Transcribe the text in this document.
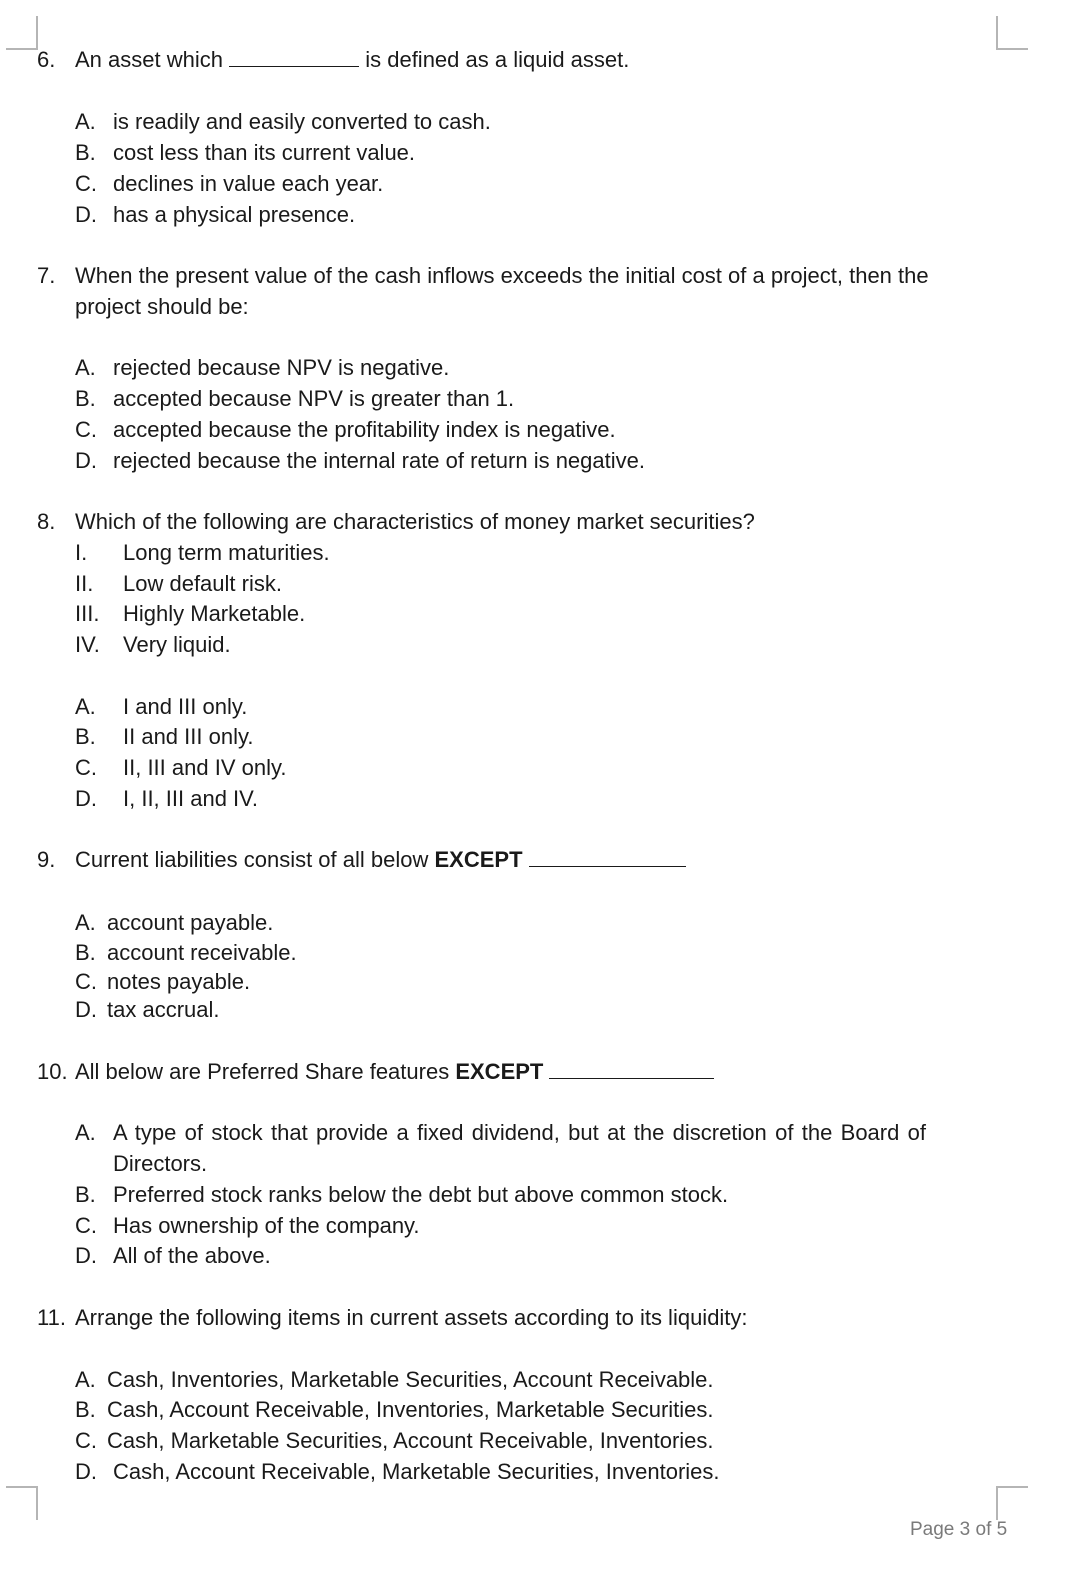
6. An asset which	is defined as a liquid asset.
A. is readily and easily converted to cash.
B. cost less than its current value.
C. declines in value each year.
D. has a physical presence.
7. When the present value of the cash inflows exceeds the initial cost of a project, then the
project should be:
A. rejected because NPV is negative.
B. accepted because NPV is greater than 1.
C. accepted because the profitability index is negative.
D. rejected because the internal rate of return is negative.
8. Which of the following are characteristics of money market securities?
I. Long term maturities.
II. Low default risk.
III. Highly Marketable.
IV. Very liquid.
A. I and III only.
B. II and III only.
C. II, III and IV only.
D. I, II, III and IV.
9. Current liabilities consist of all below EXCEPT
A. account payable.
B. account receivable.
C. notes payable.
D. tax accrual.
10. All below are Preferred Share features EXCEPT
A. A type of stock that provide a fixed dividend, but at the discretion of the Board of
Directors.
B. Preferred stock ranks below the debt but above common stock.
C. Has ownership of the company.
D. All of the above.
11. Arrange the following items in current assets according to its liquidity:
A. Cash, Inventories, Marketable Securities, Account Receivable.
B. Cash, Account Receivable, Inventories, Marketable Securities.
C. Cash, Marketable Securities, Account Receivable, Inventories.
D. Cash, Account Receivable, Marketable Securities, Inventories.
Page 3 of 5
